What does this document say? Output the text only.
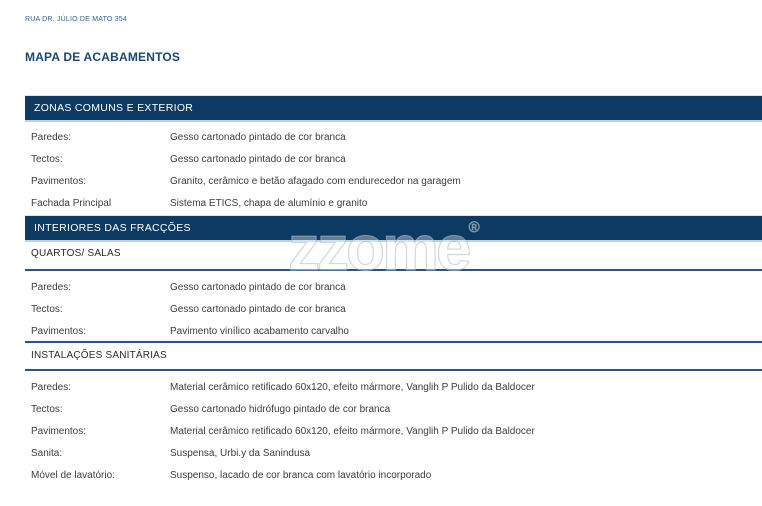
RUA DR. JÚLIO DE MATO 354
MAPA DE ACABAMENTOS
ZONAS COMUNS E EXTERIOR
Paredes:	Gesso cartonado pintado de cor branca
Tectos:	Gesso cartonado pintado de cor branca
Pavimentos:	Granito, cerâmico e betão afagado com endurecedor na garagem
Fachada Principal	Sistema ETICS, chapa de alumínio e granito
INTERIORES DAS FRACÇÕES zzome®
QUARTOS/ SALAS
Paredes:	Gesso cartonado pintado de cor branca
Tectos:	Gesso cartonado pintado de cor branca
Pavimentos:	Pavimento vinílico acabamento carvalho
INSTALAÇÕES SANITÁRIAS
Paredes:	Material cerâmico retificado 60x120, efeito mármore, Vanglih P Pulido da Baldocer
Tectos:	Gesso cartonado hidrófugo pintado de cor branca
Pavimentos:	Material cerâmico retificado 60x120, efeito mármore, Vanglih P Pulido da Baldocer
Sanita:	Suspensa, Urbi.y da Sanindusa
Móvel de lavatório:	Suspenso, lacado de cor branca com lavatório incorporado
